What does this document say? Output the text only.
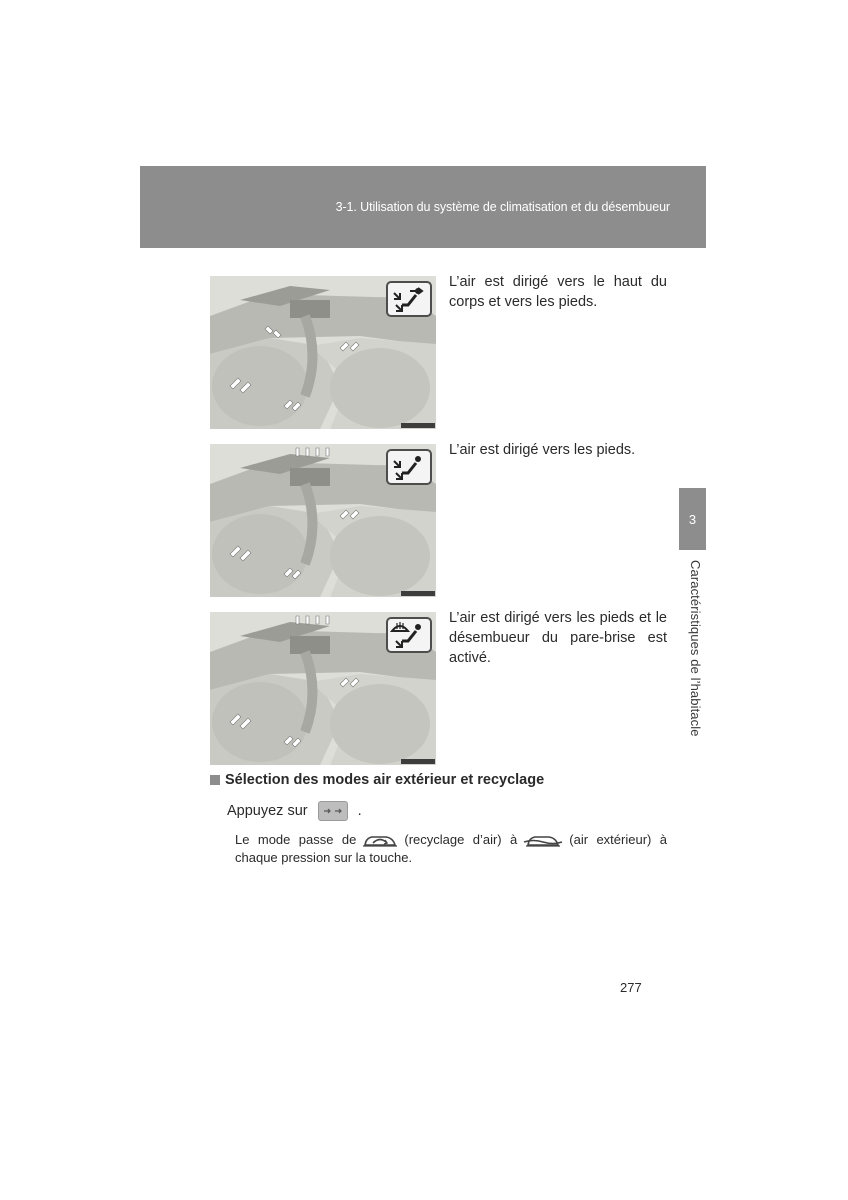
3-1. Utilisation du système de climatisation et du désembueur
3
Caractéristiques de l’habitacle
L’air est dirigé vers le haut du corps et vers les pieds.
L’air est dirigé vers les pieds.
L’air est dirigé vers les pieds et le désembueur du pare-brise est activé.
Sélection des modes air extérieur et recyclage
Appuyez sur	.
Le mode passe de	(recyclage d’air) à	(air extérieur) à chaque pression sur la touche.
277
